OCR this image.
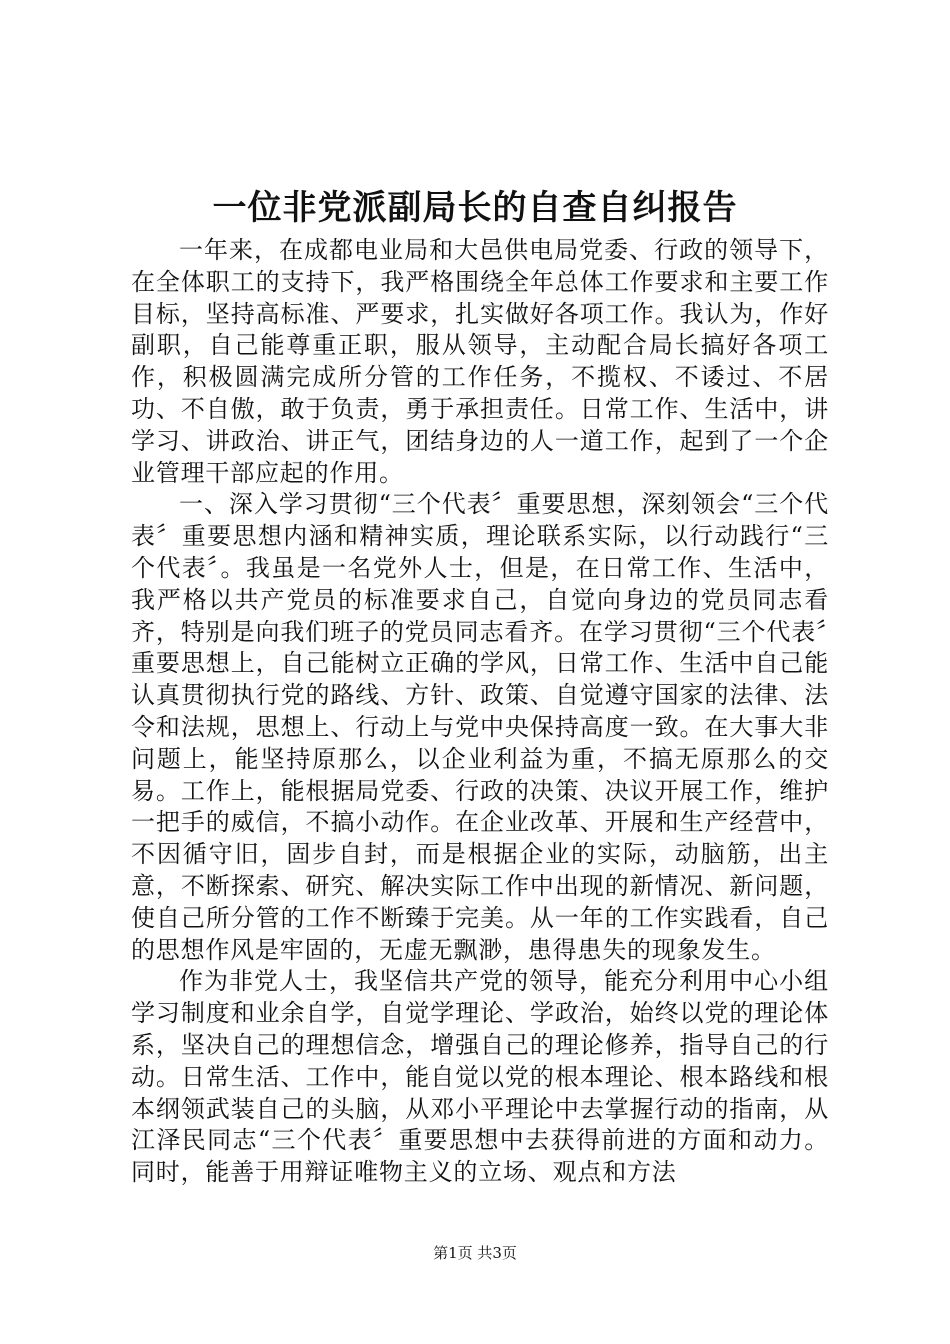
一位非党派副局长的自查自纠报告

一年来，在成都电业局和大邑供电局党委、行政的领导下，在全体职工的支持下，我严格围绕全年总体工作要求和主要工作目标，坚持高标准、严要求，扎实做好各项工作。我认为，作好副职，自己能尊重正职，服从领导，主动配合局长搞好各项工作，积极圆满完成所分管的工作任务，不揽权、不诿过、不居功、不自傲，敢于负责，勇于承担责任。日常工作、生活中，讲学习、讲政治、讲正气，团结身边的人一道工作，起到了一个企业管理干部应起的作用。

一、深入学习贯彻“三个代表〞重要思想，深刻领会“三个代表〞重要思想内涵和精神实质，理论联系实际，以行动践行“三个代表〞。我虽是一名党外人士，但是，在日常工作、生活中，我严格以共产党员的标准要求自己，自觉向身边的党员同志看齐，特别是向我们班子的党员同志看齐。在学习贯彻“三个代表〞重要思想上，自己能树立正确的学风，日常工作、生活中自己能认真贯彻执行党的路线、方针、政策、自觉遵守国家的法律、法令和法规，思想上、行动上与党中央保持高度一致。在大事大非问题上，能坚持原那么，以企业利益为重，不搞无原那么的交易。工作上，能根据局党委、行政的决策、决议开展工作，维护一把手的威信，不搞小动作。在企业改革、开展和生产经营中，不因循守旧，固步自封，而是根据企业的实际，动脑筋，出主意，不断探索、研究、解决实际工作中出现的新情况、新问题，使自己所分管的工作不断臻于完美。从一年的工作实践看，自己的思想作风是牢固的，无虚无飘渺，患得患失的现象发生。

作为非党人士，我坚信共产党的领导，能充分利用中心小组学习制度和业余自学，自觉学理论、学政治，始终以党的理论体系，坚决自己的理想信念，增强自己的理论修养，指导自己的行动。日常生活、工作中，能自觉以党的根本理论、根本路线和根本纲领武装自己的头脑，从邓小平理论中去掌握行动的指南，从江泽民同志“三个代表〞重要思想中去获得前进的方面和动力。同时，能善于用辩证唯物主义的立场、观点和方法

第1页 共3页
